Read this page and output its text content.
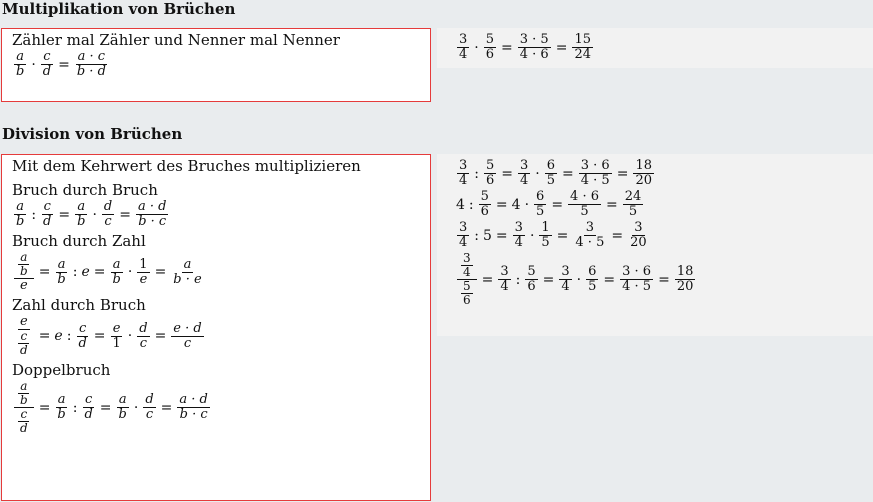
Multiplikation von Brüchen
Zähler mal Zähler und Nenner mal Nenner
$\frac{a}{b} \cdot \frac{c}{d} = \frac{a \cdot c}{b \cdot d}$
$\frac{3}{4} \cdot \frac{5}{6} = \frac{3 \cdot 5}{4 \cdot 6} = \frac{15}{24}$
Division von Brüchen
Mit dem Kehrwert des Bruches multiplizieren
Bruch durch Bruch
$\frac{a}{b}$ : $\frac{c}{d} = \frac{a}{b} \cdot \frac{d}{c} = \frac{a \cdot d}{b \cdot c}$
Bruch durch Zahl
$\frac{\frac{a}{b}}{e} = \frac{a}{b}$ : $e = \frac{a}{b} \cdot \frac{1}{e} = \frac{a}{b \cdot e}$
Zahl durch Bruch
$\frac{e}{\frac{c}{d}} = e$ : $\frac{c}{d} = \frac{e}{1} \cdot \frac{d}{c} = \frac{e \cdot d}{c}$
Doppelbruch
$\frac{\frac{a}{b}}{\frac{c}{d}} = \frac{a}{b}$ : $\frac{c}{d} = \frac{a}{b} \cdot \frac{d}{c} = \frac{a \cdot d}{b \cdot c}$
$\frac{3}{4}$ : $\frac{5}{6} = \frac{3}{4} \cdot \frac{6}{5} = \frac{3 \cdot 6}{4 \cdot 5} = \frac{18}{20}$
4 : $\frac{5}{6} = 4 \cdot \frac{6}{5} = \frac{4 \cdot 6}{5} = \frac{24}{5}$
$\frac{3}{4}$ : $5 = \frac{3}{4} \cdot \frac{1}{5} = \frac{3}{4 \cdot 5} = \frac{3}{20}$
$\frac{\frac{3}{4}}{\frac{5}{6}} = \frac{3}{4}$ : $\frac{5}{6} = \frac{3}{4} \cdot \frac{6}{5} = \frac{3 \cdot 6}{4 \cdot 5} = \frac{18}{20}$
